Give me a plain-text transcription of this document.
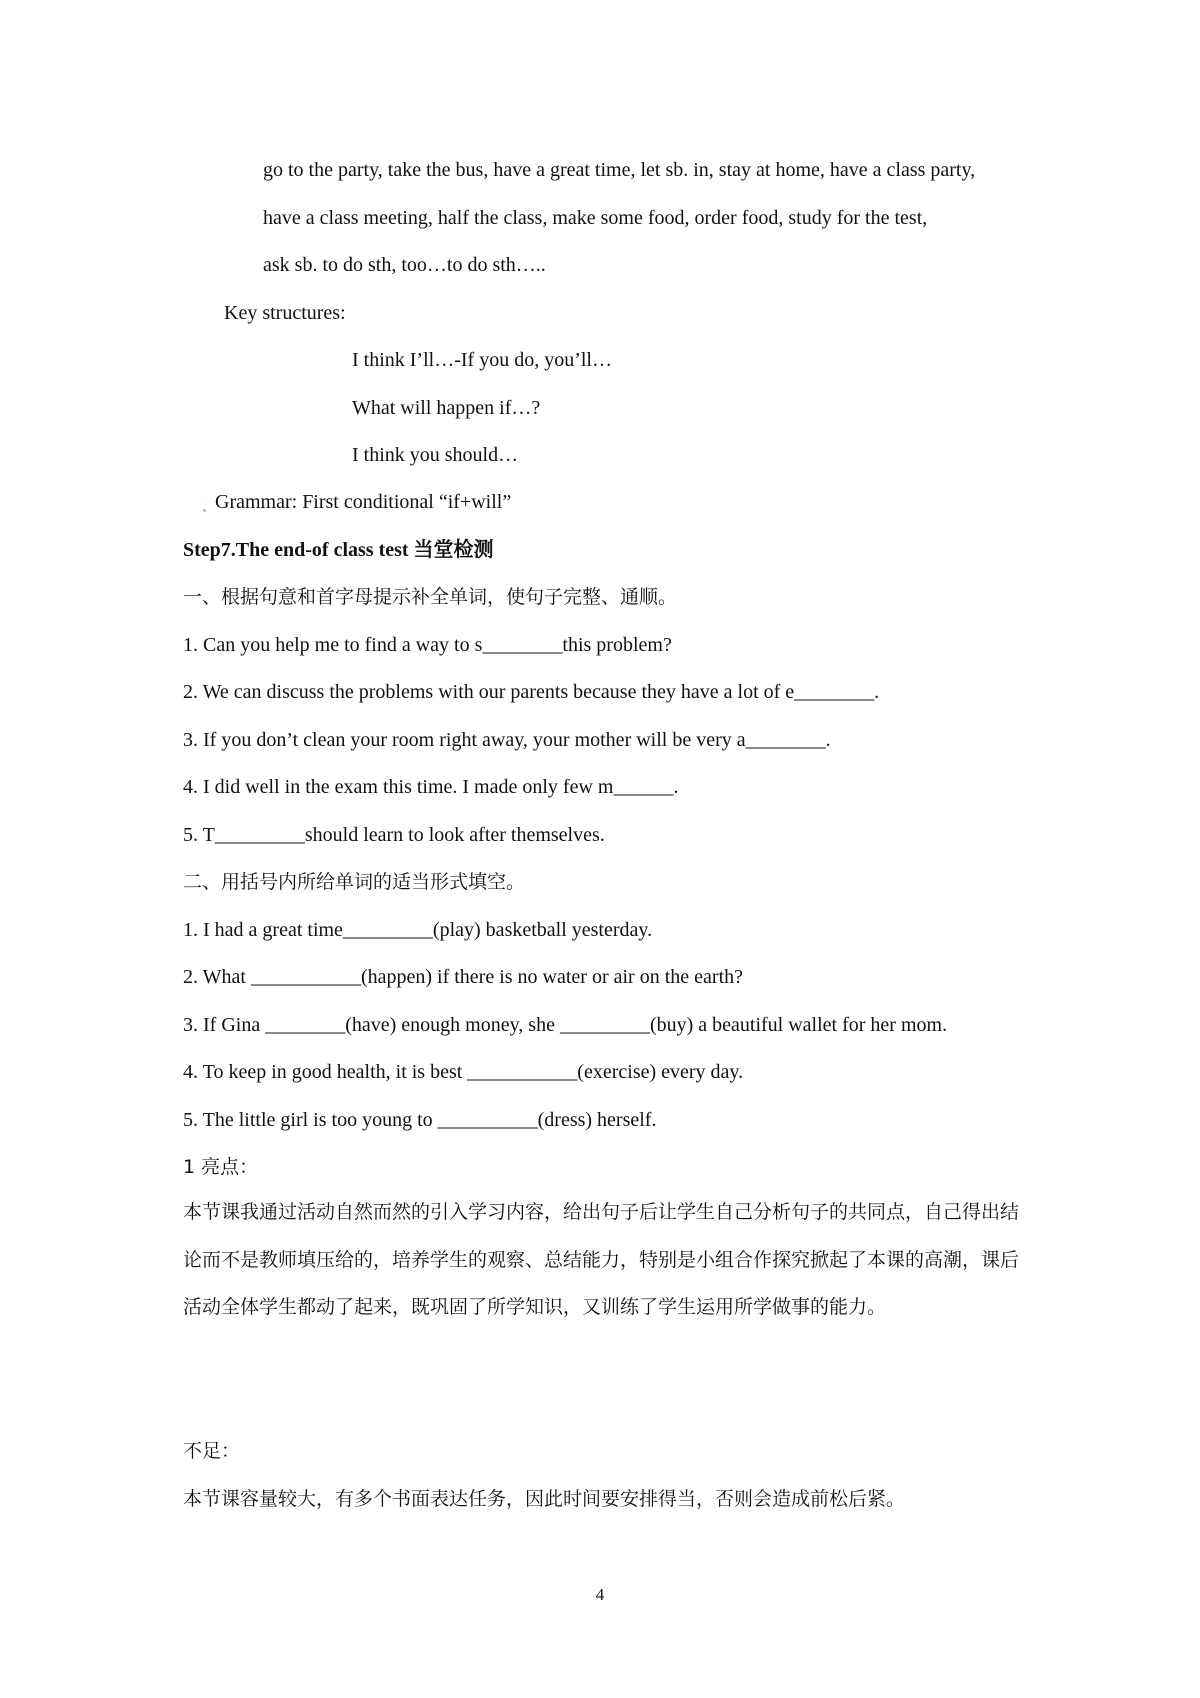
go to the party, take the bus, have a great time, let sb. in, stay at home, have a class party,
have a class meeting, half the class, make some food, order food, study for the test,
ask sb. to do sth, too…to do sth…..
Key structures:
I think I’ll…-If you do, you’ll…
What will happen if…?
I think you should…
Grammar: First conditional “if+will”
Step7.The end-of class test 当堂检测
一、根据句意和首字母提示补全单词，使句子完整、通顺。
1. Can you help me to find a way to s________this problem?
2. We can discuss the problems with our parents because they have a lot of e________.
3. If you don’t clean your room right away, your mother will be very a________.
4. I did well in the exam this time. I made only few m______.
5. T_________should learn to look after themselves.
二、用括号内所给单词的适当形式填空。
1. I had a great time_________(play) basketball yesterday.
2. What ___________(happen) if there is no water or air on the earth?
3. If Gina ________(have) enough money, she _________(buy) a beautiful wallet for her mom.
4. To keep in good health, it is best ___________(exercise) every day.
5. The little girl is too young to __________(dress) herself.
1 亮点：
本节课我通过活动自然而然的引入学习内容，给出句子后让学生自己分析句子的共同点，自己得出结论而不是教师填压给的，培养学生的观察、总结能力，特别是小组合作探究掀起了本课的高潮，课后活动全体学生都动了起来，既巩固了所学知识，又训练了学生运用所学做事的能力。
不足：
本节课容量较大，有多个书面表达任务，因此时间要安排得当，否则会造成前松后紧。
4
